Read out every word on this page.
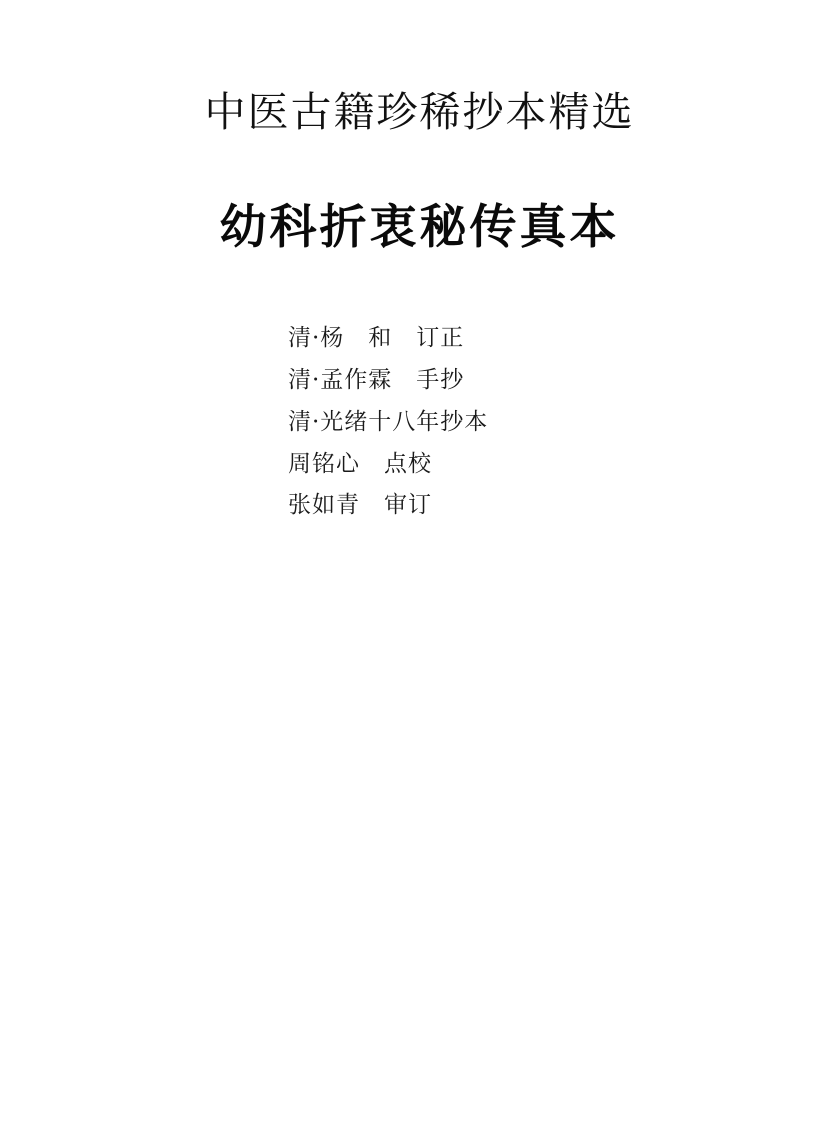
中医古籍珍稀抄本精选
幼科折衷秘传真本
清·杨　和　订正
清·孟作霖　手抄
清·光绪十八年抄本
周铭心　点校
张如青　审订
